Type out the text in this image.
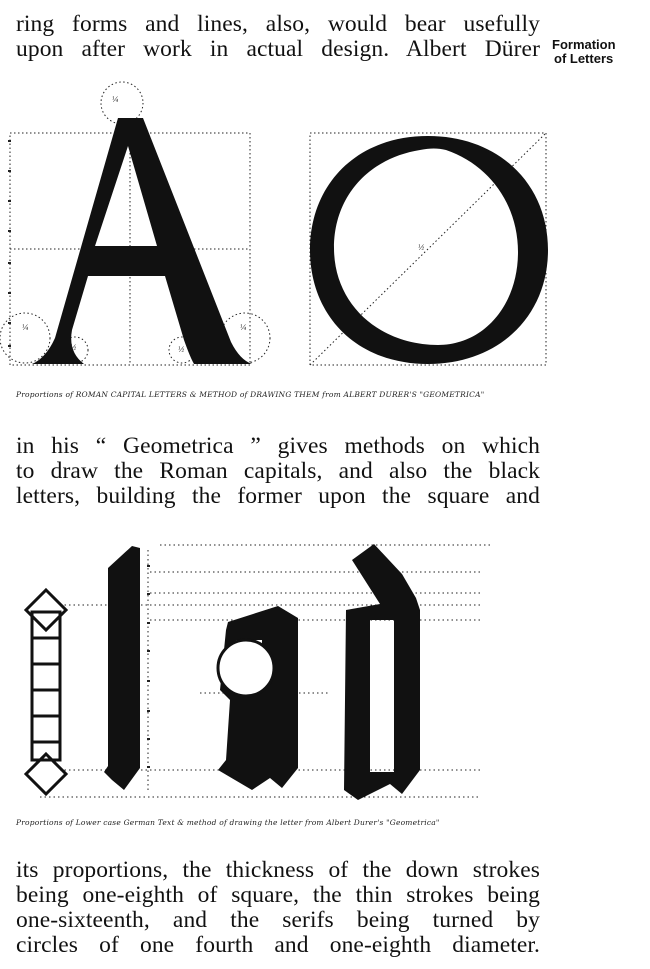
ring forms and lines, also, would bear usefully
upon after work in actual design. Albert Dürer Formation
of Letters
¼
¼
½	½
¼
½
Proportions of ROMAN CAPITAL LETTERS & METHOD of DRAWING THEM from ALBERT DURER'S "GEOMETRICA"
in his “ Geometrica ” gives methods on which
to draw the Roman capitals, and also the black
letters, building the former upon the square and
Proportions of Lower case German Text & method of drawing the letter from Albert Durer's "Geometrica"
its proportions, the thickness of the down strokes
being one-eighth of square, the thin strokes being
one-sixteenth, and the serifs being turned by
circles of one fourth and one-eighth diameter.
